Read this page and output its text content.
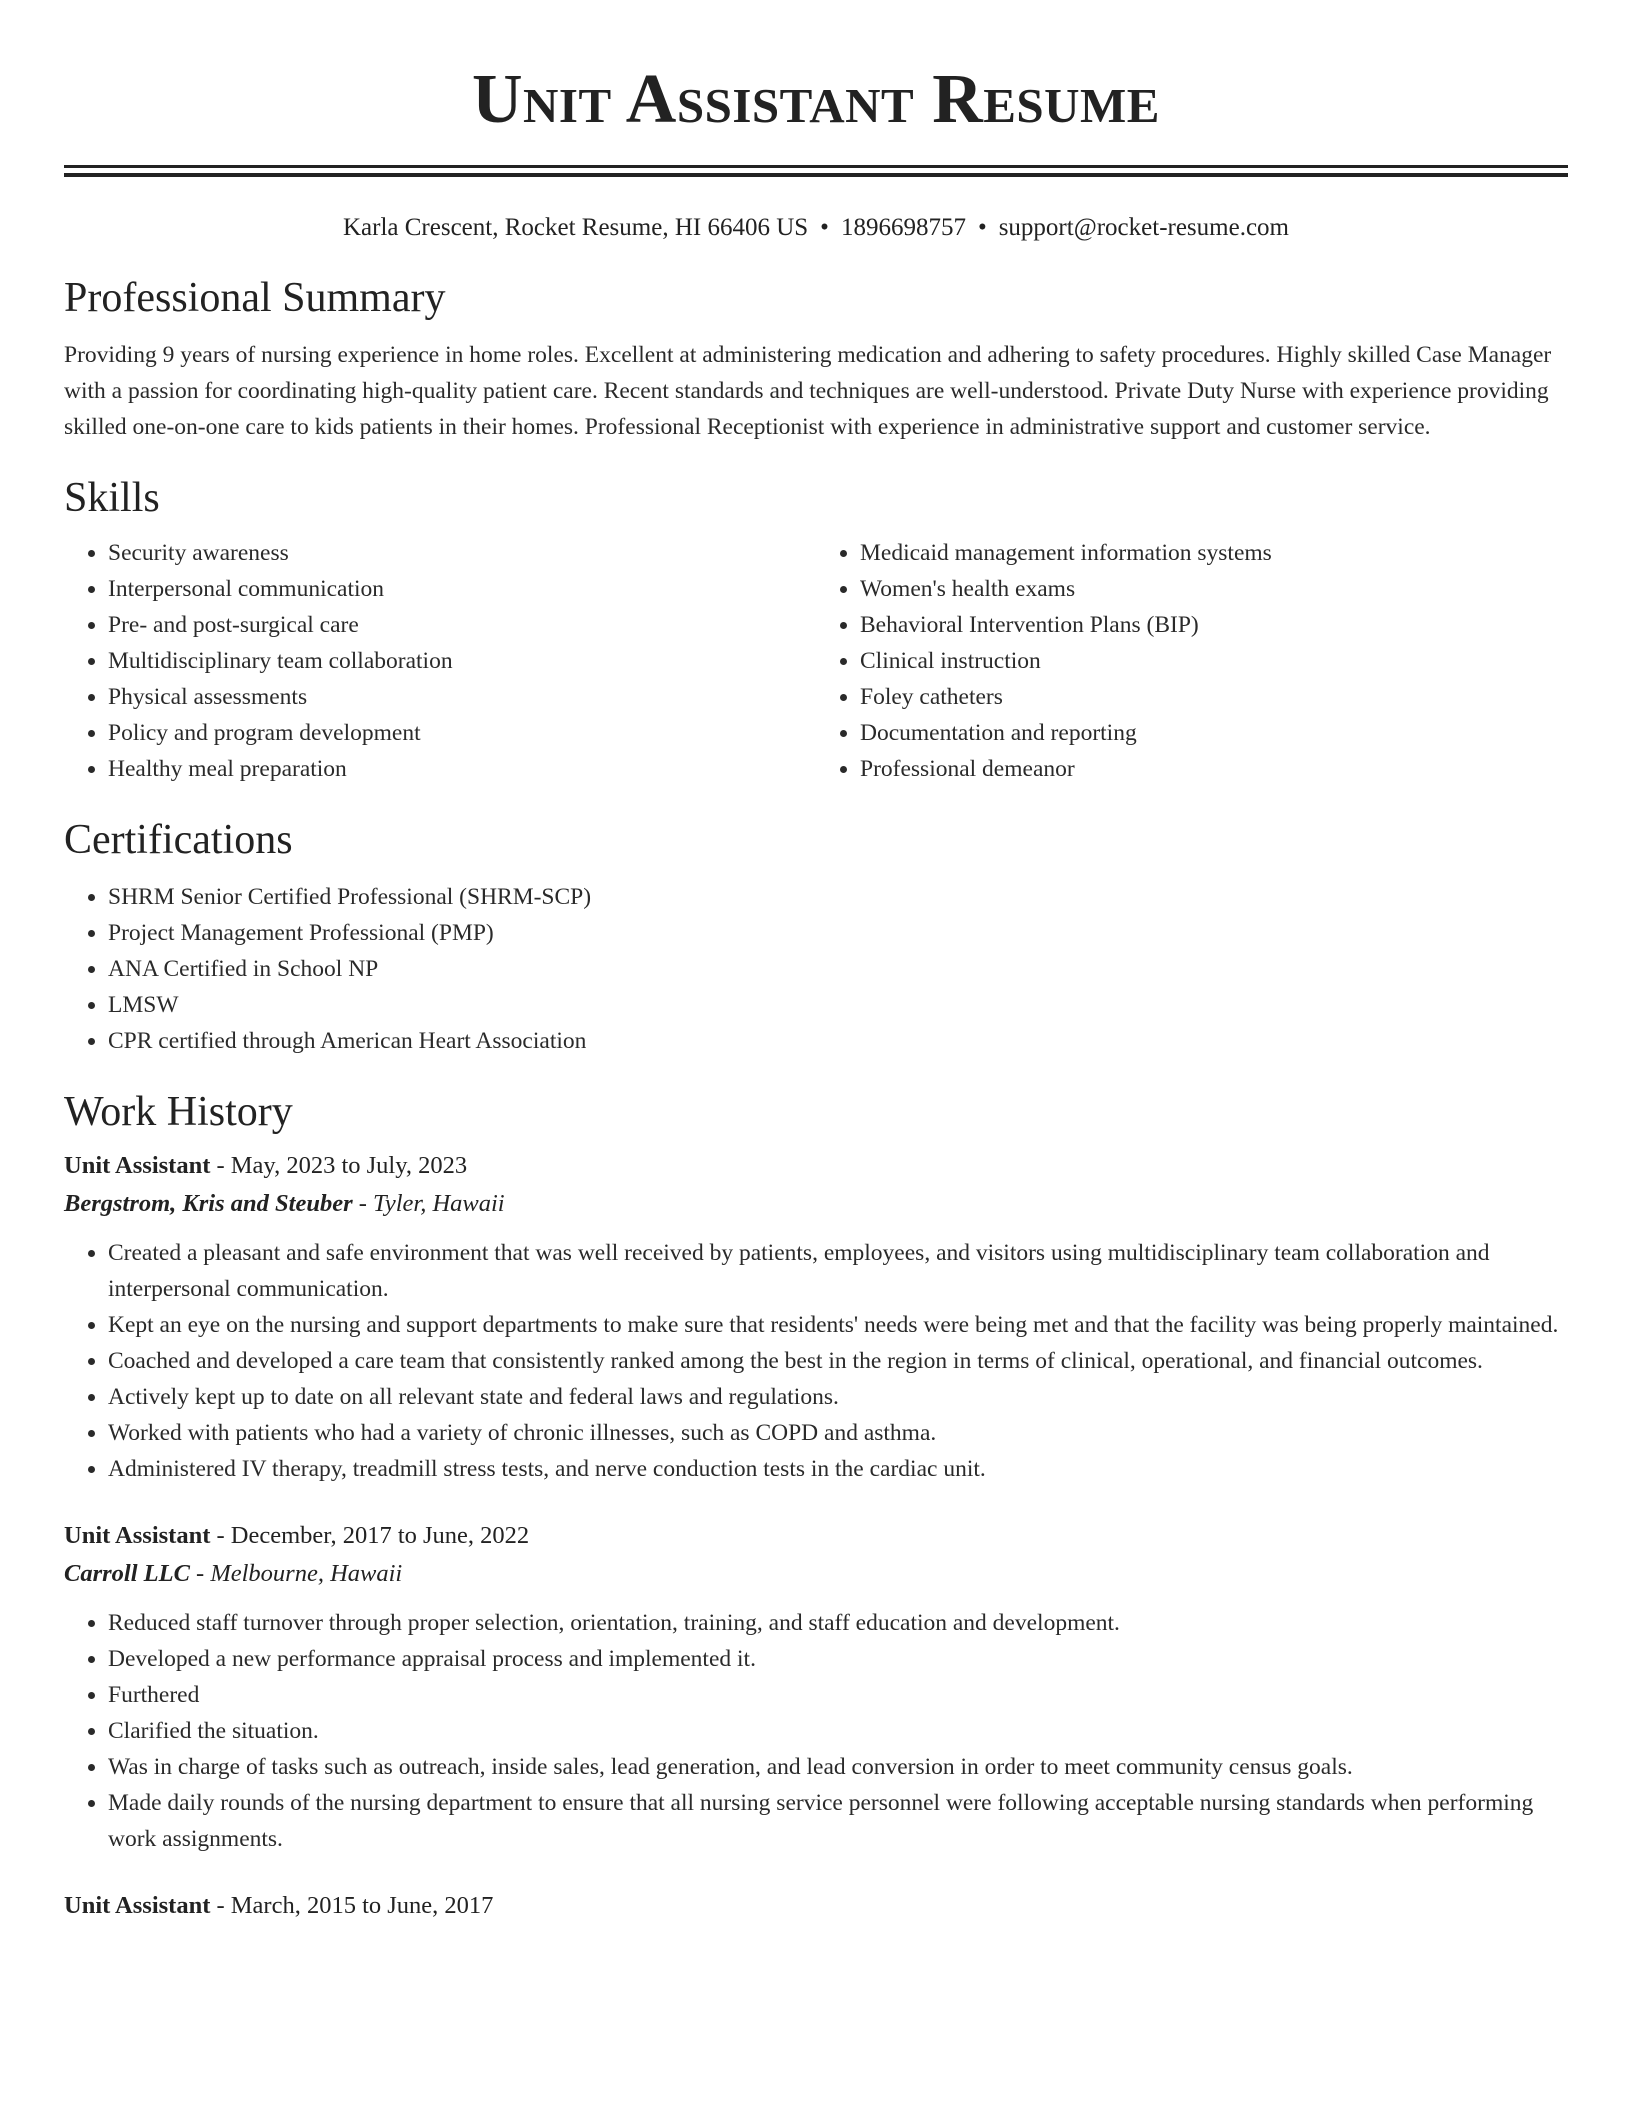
Unit Assistant Resume
Karla Crescent, Rocket Resume, HI 66406 US • 1896698757 • support@rocket-resume.com
Professional Summary

Providing 9 years of nursing experience in home roles. Excellent at administering medication and adhering to safety procedures. Highly skilled Case Manager with a passion for coordinating high-quality patient care. Recent standards and techniques are well-understood. Private Duty Nurse with experience providing skilled one-on-one care to kids patients in their homes. Professional Receptionist with experience in administrative support and customer service.

Skills
• Security awareness
• Interpersonal communication
• Pre- and post-surgical care
• Multidisciplinary team collaboration
• Physical assessments
• Policy and program development
• Healthy meal preparation
• Medicaid management information systems
• Women's health exams
• Behavioral Intervention Plans (BIP)
• Clinical instruction
• Foley catheters
• Documentation and reporting
• Professional demeanor
Certifications
• SHRM Senior Certified Professional (SHRM-SCP)
• Project Management Professional (PMP)
• ANA Certified in School NP
• LMSW
• CPR certified through American Heart Association
Work History
Unit Assistant - May, 2023 to July, 2023
Bergstrom, Kris and Steuber - Tyler, Hawaii
• Created a pleasant and safe environment that was well received by patients, employees, and visitors using multidisciplinary team collaboration and interpersonal communication.
• Kept an eye on the nursing and support departments to make sure that residents' needs were being met and that the facility was being properly maintained.
• Coached and developed a care team that consistently ranked among the best in the region in terms of clinical, operational, and financial outcomes.
• Actively kept up to date on all relevant state and federal laws and regulations.
• Worked with patients who had a variety of chronic illnesses, such as COPD and asthma.
• Administered IV therapy, treadmill stress tests, and nerve conduction tests in the cardiac unit.
Unit Assistant - December, 2017 to June, 2022
Carroll LLC - Melbourne, Hawaii
• Reduced staff turnover through proper selection, orientation, training, and staff education and development.
• Developed a new performance appraisal process and implemented it.
• Furthered
• Clarified the situation.
• Was in charge of tasks such as outreach, inside sales, lead generation, and lead conversion in order to meet community census goals.
• Made daily rounds of the nursing department to ensure that all nursing service personnel were following acceptable nursing standards when performing work assignments.
Unit Assistant - March, 2015 to June, 2017
